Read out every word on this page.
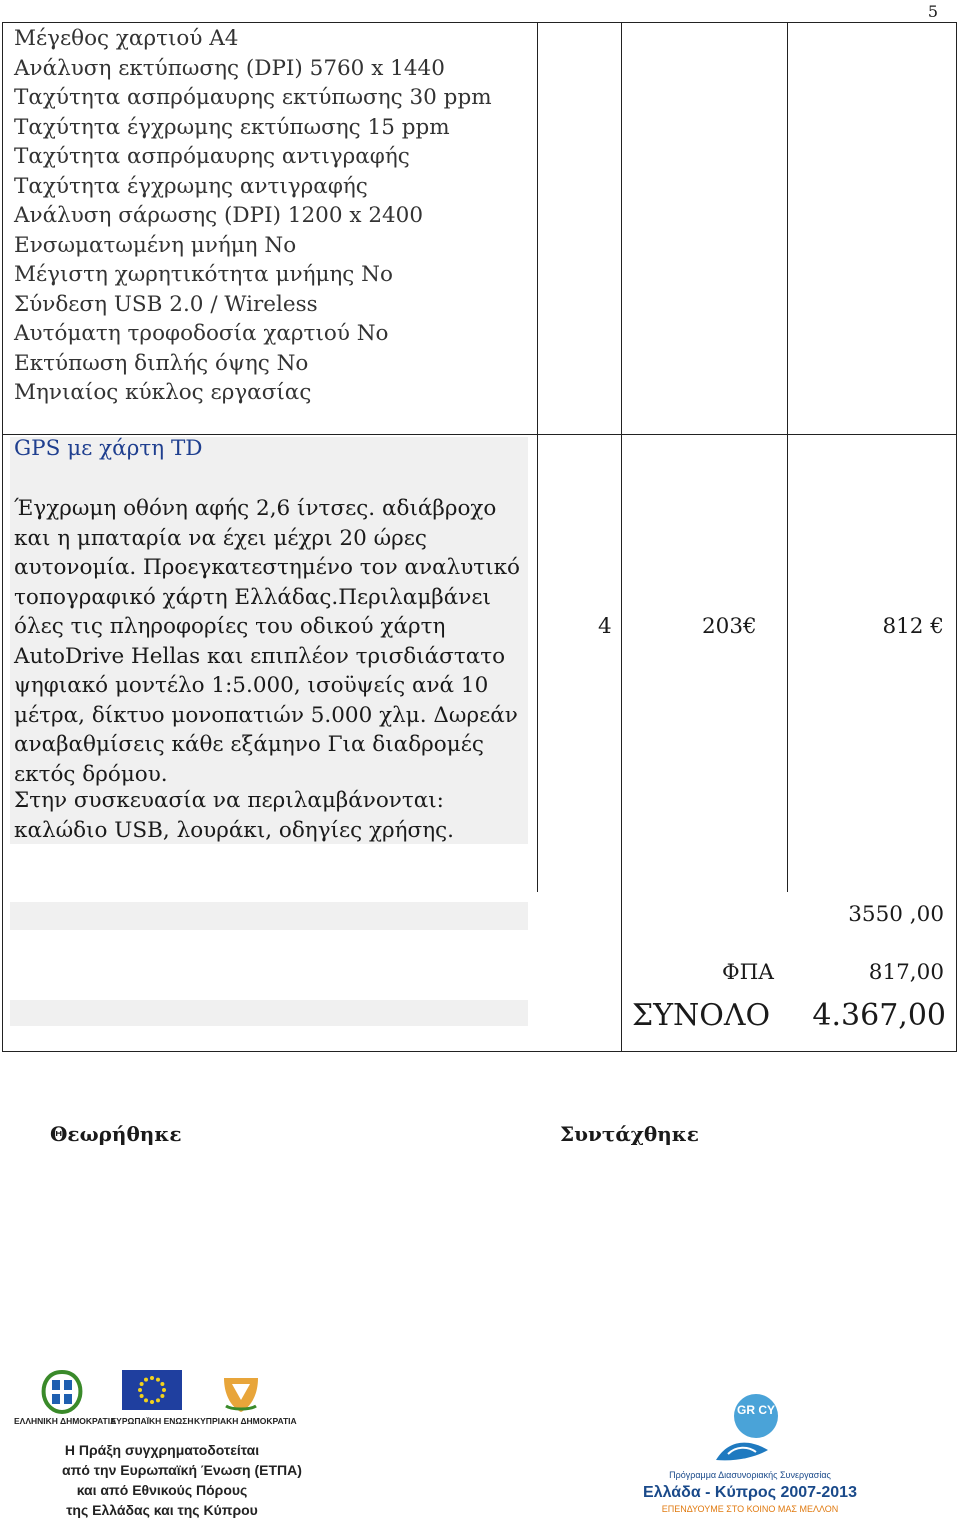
5
Μέγεθος χαρτιού A4
Ανάλυση εκτύπωσης (DPI) 5760 x 1440
Ταχύτητα ασπρόμαυρης εκτύπωσης 30 ppm
Ταχύτητα έγχρωμης εκτύπωσης 15 ppm
Ταχύτητα ασπρόμαυρης αντιγραφής
Ταχύτητα έγχρωμης αντιγραφής
Ανάλυση σάρωσης (DPI) 1200 x 2400
Ενσωματωμένη μνήμη No
Μέγιστη χωρητικότητα μνήμης No
Σύνδεση USB 2.0 / Wireless
Αυτόματη τροφοδοσία χαρτιού No
Εκτύπωση διπλής όψης No
Μηνιαίος κύκλος εργασίας
GPS με χάρτη TD

Έγχρωμη οθόνη αφής 2,6 ίντσες. αδιάβροχο και η μπαταρία να έχει μέχρι 20 ώρες αυτονομία. Προεγκατεστημένο τον αναλυτικό τοπογραφικό χάρτη Ελλάδας.Περιλαμβάνει όλες τις πληροφορίες του οδικού χάρτη AutoDrive Hellas και επιπλέον τρισδιάστατο ψηφιακό μοντέλο 1:5.000, ισοϋψείς ανά 10 μέτρα, δίκτυο μονοπατιών 5.000 χλμ. Δωρεάν αναβαθμίσεις κάθε εξάμηνο Για διαδρομές εκτός δρόμου.

Στην συσκευασία να περιλαμβάνονται: καλώδιο USB, λουράκι, οδηγίες χρήσης.

4	203€	812 €
3550 ,00
ΦΠΑ	817,00
ΣΥΝΟΛΟ 4.367,00
Θεωρήθηκε	Συντάχθηκε
ΕΛΛΗΝΙΚΗ ΔΗΜΟΚΡΑΤΙΑ
ΕΥΡΩΠΑΪΚΗ ΕΝΩΣΗ ΚΥΠΡΙΑΚΗ ΔΗΜΟΚΡΑΤΙΑ
Η Πράξη συγχρηματοδοτείται
από την Ευρωπαϊκή Ένωση (ΕΤΠΑ)
και από Εθνικούς Πόρους
της Ελλάδας και της Κύπρου
GR CY
Πρόγραμμα Διασυνοριακής Συνεργασίας
Ελλάδα - Κύπρος 2007-2013
ΕΠΕΝΔΥΟΥΜΕ ΣΤΟ ΚΟΙΝΟ ΜΑΣ ΜΕΛΛΟΝ
